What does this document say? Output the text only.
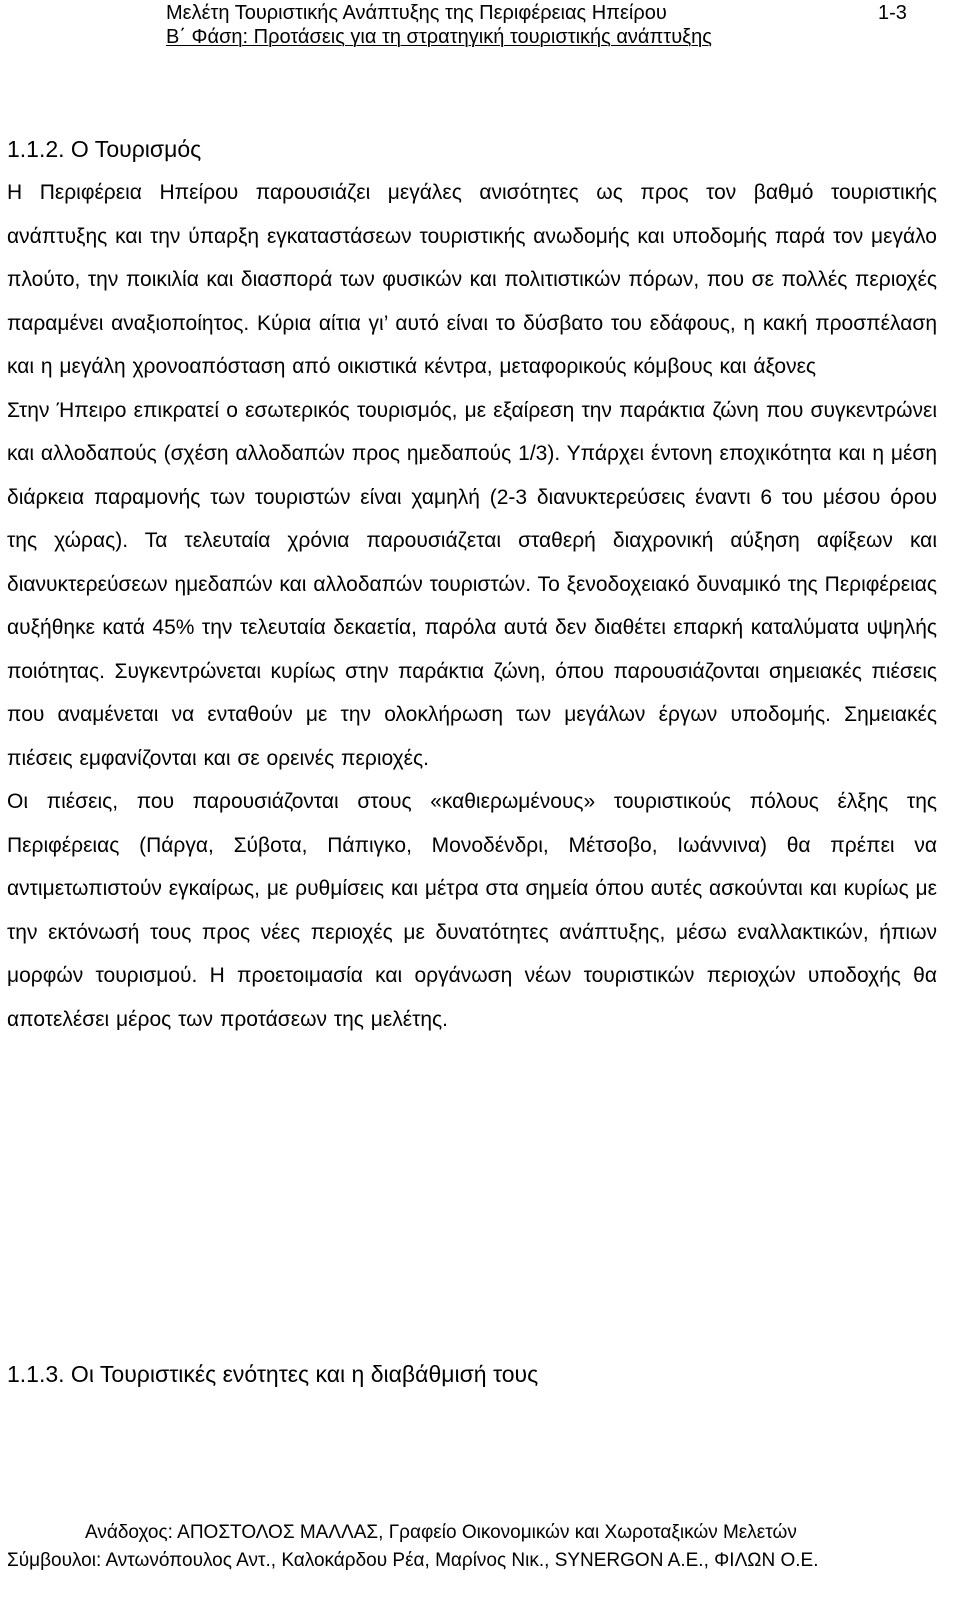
Μελέτη Τουριστικής Ανάπτυξης της Περιφέρειας Ηπείρου
Β΄ Φάση: Προτάσεις για τη στρατηγική τουριστικής ανάπτυξης
1-3
1.1.2. Ο Τουρισμός

Η Περιφέρεια Ηπείρου παρουσιάζει μεγάλες ανισότητες ως προς τον βαθμό τουριστικής ανάπτυξης και την ύπαρξη εγκαταστάσεων τουριστικής ανωδομής και υποδομής παρά τον μεγάλο πλούτο, την ποικιλία και διασπορά των φυσικών και πολιτιστικών πόρων, που σε πολλές περιοχές παραμένει αναξιοποίητος. Κύρια αίτια γι’ αυτό είναι το δύσβατο του εδάφους, η κακή προσπέλαση και η μεγάλη χρονοαπόσταση από οικιστικά κέντρα, μεταφορικούς κόμβους και άξονες

Στην Ήπειρο επικρατεί ο εσωτερικός τουρισμός, με εξαίρεση την παράκτια ζώνη που συγκεντρώνει και αλλοδαπούς (σχέση αλλοδαπών προς ημεδαπούς 1/3). Υπάρχει έντονη εποχικότητα και η μέση διάρκεια παραμονής των τουριστών είναι χαμηλή (2-3 διανυκτερεύσεις έναντι 6 του μέσου όρου της χώρας). Τα τελευταία χρόνια παρουσιάζεται σταθερή διαχρονική αύξηση αφίξεων και διανυκτερεύσεων ημεδαπών και αλλοδαπών τουριστών. Το ξενοδοχειακό δυναμικό της Περιφέρειας αυξήθηκε κατά 45% την τελευταία δεκαετία, παρόλα αυτά δεν διαθέτει επαρκή καταλύματα υψηλής ποιότητας. Συγκεντρώνεται κυρίως στην παράκτια ζώνη, όπου παρουσιάζονται σημειακές πιέσεις που αναμένεται να ενταθούν με την ολοκλήρωση των μεγάλων έργων υποδομής. Σημειακές πιέσεις εμφανίζονται και σε ορεινές περιοχές.

Οι πιέσεις, που παρουσιάζονται στους «καθιερωμένους» τουριστικούς πόλους έλξης της Περιφέρειας (Πάργα, Σύβοτα, Πάπιγκο, Μονοδένδρι, Μέτσοβο, Ιωάννινα) θα πρέπει να αντιμετωπιστούν εγκαίρως, με ρυθμίσεις και μέτρα στα σημεία όπου αυτές ασκούνται και κυρίως με την εκτόνωσή τους προς νέες περιοχές με δυνατότητες ανάπτυξης, μέσω εναλλακτικών, ήπιων μορφών τουρισμού. Η προετοιμασία και οργάνωση νέων τουριστικών περιοχών υποδοχής θα αποτελέσει μέρος των προτάσεων της μελέτης.

1.1.3. Οι Τουριστικές ενότητες και η διαβάθμισή τους
Ανάδοχος: ΑΠΟΣΤΟΛΟΣ ΜΑΛΛΑΣ, Γραφείο Οικονομικών και Χωροταξικών Μελετών
Σύμβουλοι: Αντωνόπουλος Αντ., Καλοκάρδου Ρέα, Μαρίνος Νικ., SYNERGON A.E., ΦΙΛΩΝ Ο.Ε.
